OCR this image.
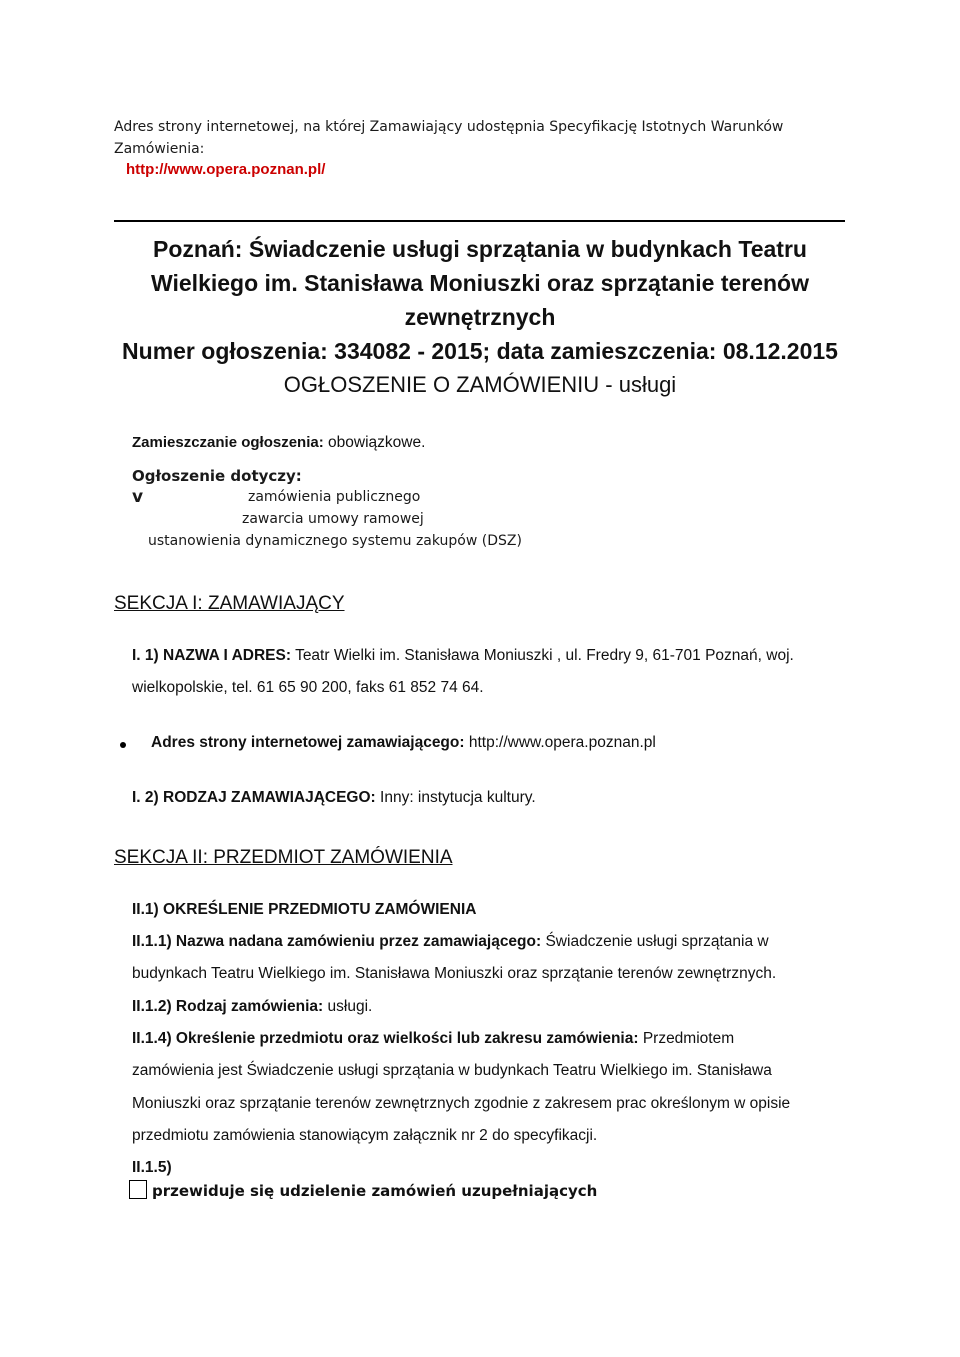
Adres strony internetowej, na której Zamawiający udostępnia Specyfikację Istotnych Warunków
Zamówienia:
http://www.opera.poznan.pl/
Poznań: Świadczenie usługi sprzątania w budynkach Teatru
Wielkiego im. Stanisława Moniuszki oraz sprzątanie terenów
zewnętrznych
Numer ogłoszenia: 334082 - 2015; data zamieszczenia: 08.12.2015
OGŁOSZENIE O ZAMÓWIENIU - usługi
Zamieszczanie ogłoszenia: obowiązkowe.
Ogłoszenie dotyczy:
v	zamówienia publicznego
zawarcia umowy ramowej
ustanowienia dynamicznego systemu zakupów (DSZ)
SEKCJA I: ZAMAWIAJĄCY
I. 1) NAZWA I ADRES: Teatr Wielki im. Stanisława Moniuszki , ul. Fredry 9, 61-701 Poznań, woj.
wielkopolskie, tel. 61 65 90 200, faks 61 852 74 64.
Adres strony internetowej zamawiającego: http://www.opera.poznan.pl
I. 2) RODZAJ ZAMAWIAJĄCEGO: Inny: instytucja kultury.
SEKCJA II: PRZEDMIOT ZAMÓWIENIA
II.1) OKREŚLENIE PRZEDMIOTU ZAMÓWIENIA
II.1.1) Nazwa nadana zamówieniu przez zamawiającego: Świadczenie usługi sprzątania w
budynkach Teatru Wielkiego im. Stanisława Moniuszki oraz sprzątanie terenów zewnętrznych.
II.1.2) Rodzaj zamówienia: usługi.
II.1.4) Określenie przedmiotu oraz wielkości lub zakresu zamówienia: Przedmiotem
zamówienia jest Świadczenie usługi sprzątania w budynkach Teatru Wielkiego im. Stanisława
Moniuszki oraz sprzątanie terenów zewnętrznych zgodnie z zakresem prac określonym w opisie
przedmiotu zamówienia stanowiącym załącznik nr 2 do specyfikacji.
II.1.5)
przewiduje się udzielenie zamówień uzupełniających
